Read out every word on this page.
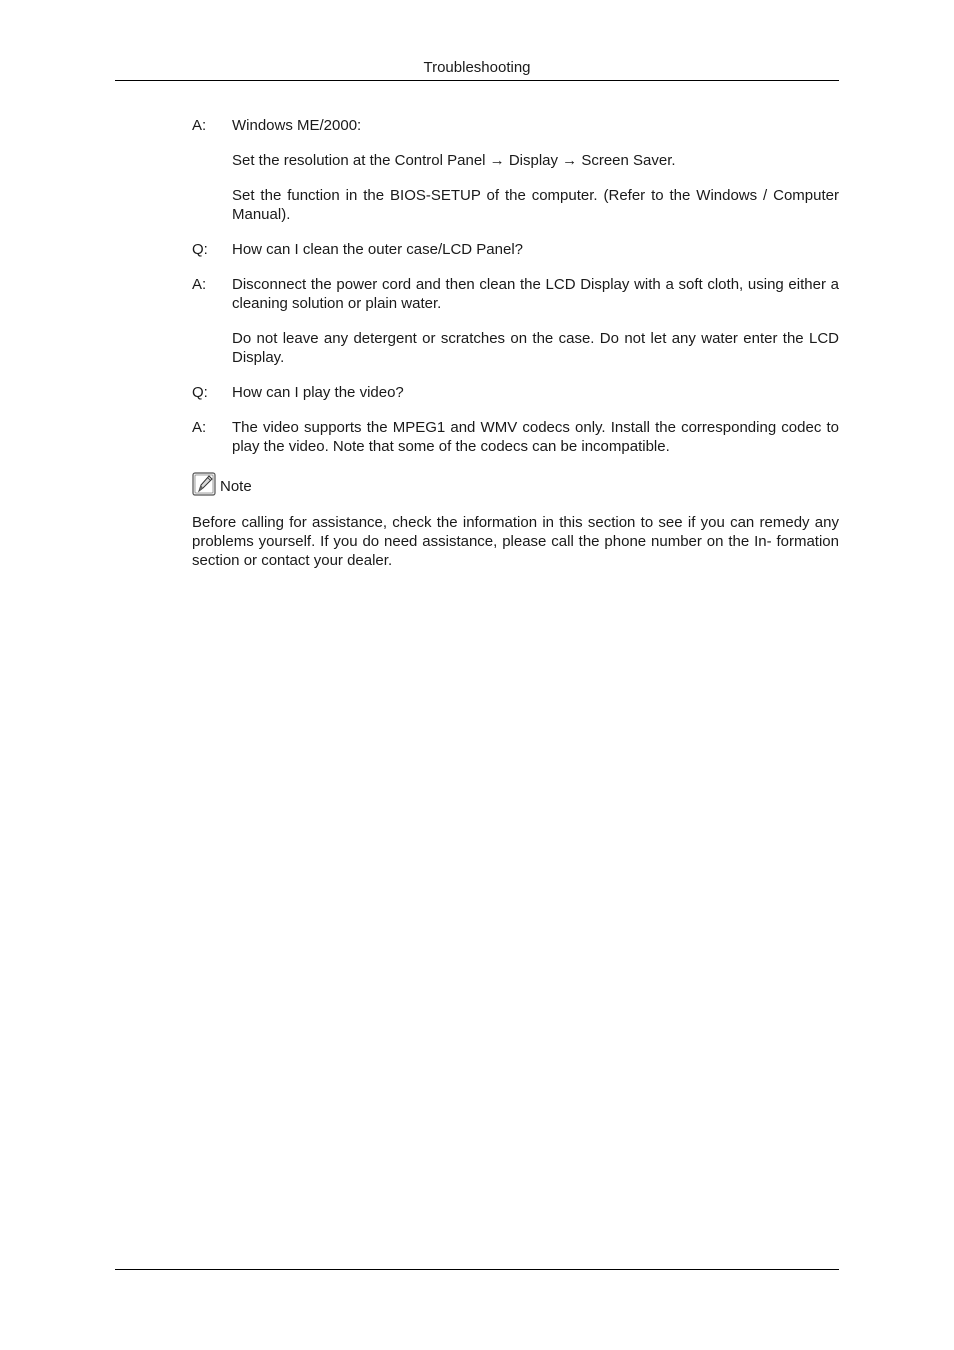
Troubleshooting
A:	Windows ME/2000:

Set the resolution at the Control Panel → Display → Screen Saver.

Set the function in the BIOS-SETUP of the computer. (Refer to the Windows / Computer Manual).

Q:	How can I clean the outer case/LCD Panel?

A:	Disconnect the power cord and then clean the LCD Display with a soft cloth, using either a cleaning solution or plain water.

Do not leave any detergent or scratches on the case. Do not let any water enter the LCD Display.

Q:	How can I play the video?

A:	The video supports the MPEG1 and WMV codecs only. Install the corresponding codec to play the video. Note that some of the codecs can be incompatible.

Note

Before calling for assistance, check the information in this section to see if you can remedy any problems yourself. If you do need assistance, please call the phone number on the In- formation section or contact your dealer.
